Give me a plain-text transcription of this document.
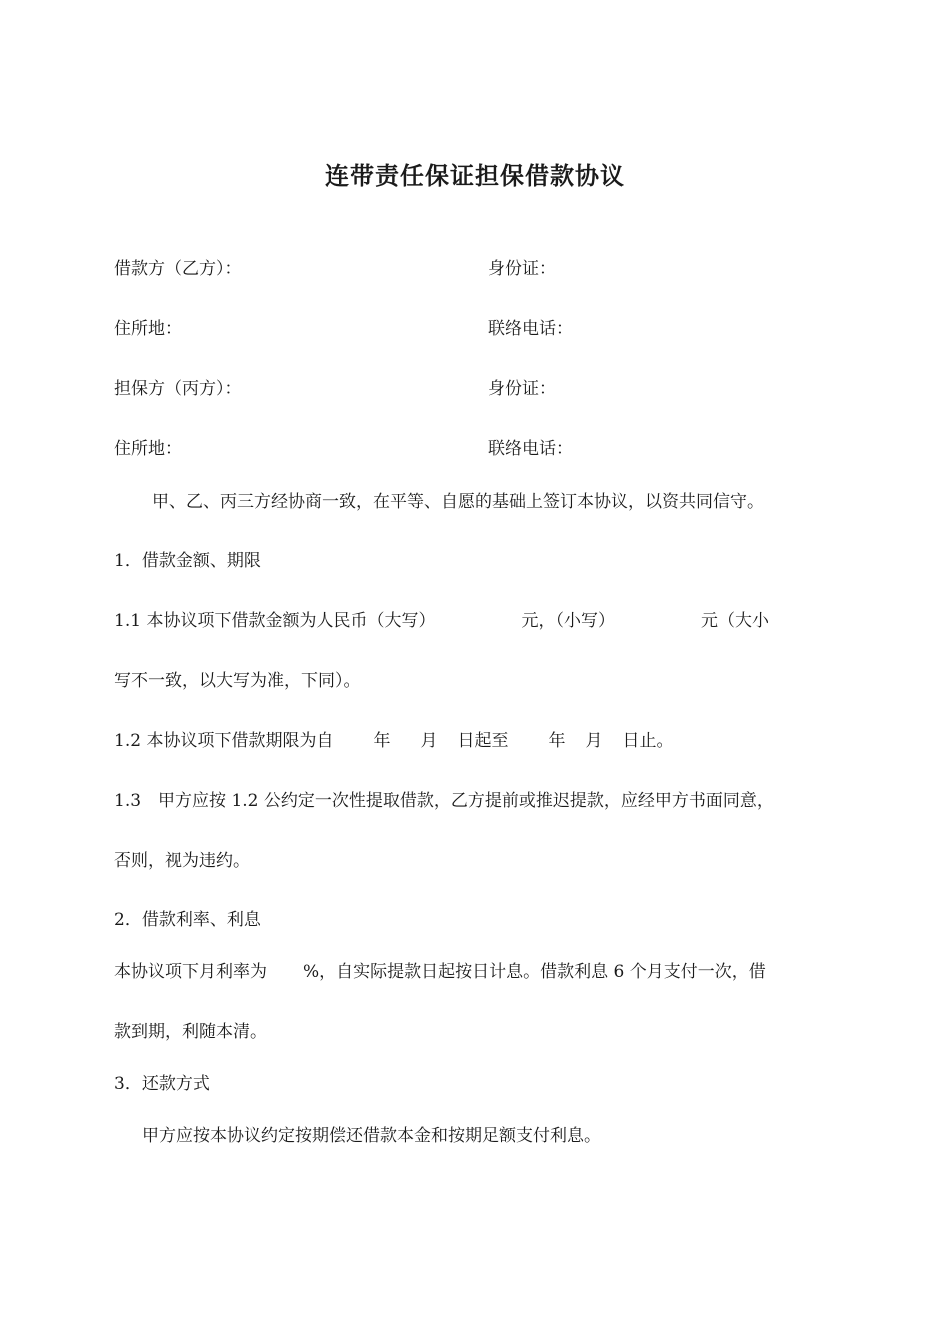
连带责任保证担保借款协议
借款方（乙方）：	身份证：
住所地：	联络电话：
担保方（丙方）：	身份证：
住所地：	联络电话：
甲、乙、丙三方经协商一致，在平等、自愿的基础上签订本协议，以资共同信守。
1．借款金额、期限
1.1 本协议项下借款金额为人民币（大写）	元，（小写）	元（大小
写不一致，以大写为准，下同）。
1.2 本协议项下借款期限为自 年 月 日起至 年 月 日止。
1.3　甲方应按 1.2 公约定一次性提取借款，乙方提前或推迟提款，应经甲方书面同意，
否则，视为违约。
2．借款利率、利息
本协议项下月利率为 %，自实际提款日起按日计息。借款利息 6 个月支付一次，借
款到期，利随本清。
3．还款方式
甲方应按本协议约定按期偿还借款本金和按期足额支付利息。
